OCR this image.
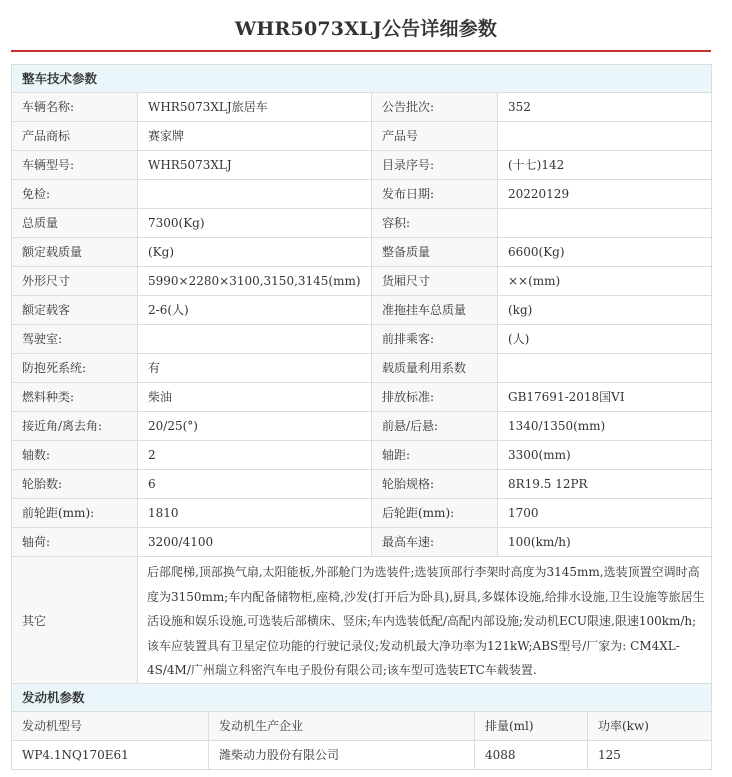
WHR5073XLJ公告详细参数
整车技术参数			
车辆名称:	WHR5073XLJ旅居车	公告批次:	352
产品商标	赛家牌	产品号	
车辆型号:	WHR5073XLJ	目录序号:	(十七)142
免检:		发布日期:	20220129
总质量	7300(Kg)	容积:	
额定载质量	(Kg)	整备质量	6600(Kg)
外形尺寸	5990×2280×3100,3150,3145(mm)	货厢尺寸	××(mm)
额定载客	2-6(人)	准拖挂车总质量	(kg)
驾驶室:		前排乘客:	(人)
防抱死系统:	有	载质量利用系数	
燃料种类:	柴油	排放标准:	GB17691-2018国VI
接近角/离去角:	20/25(°)	前悬/后悬:	1340/1350(mm)
轴数:	2	轴距:	3300(mm)
轮胎数:	6	轮胎规格:	8R19.5 12PR
前轮距(mm):	1810	后轮距(mm):	1700
轴荷:	3200/4100	最高车速:	100(km/h)
其它	后部爬梯,顶部换气扇,太阳能板,外部舱门为选装件;选装顶部行李架时高度为3145mm,选装顶置空调时高度为3150mm;车内配备储物柜,座椅,沙发(打开后为卧具),厨具,多媒体设施,给排水设施,卫生设施等旅居生活设施和娱乐设施,可选装后部横床、竖床;车内选装低配/高配内部设施;发动机ECU限速,限速100km/h;该车应装置具有卫星定位功能的行驶记录仪;发动机最大净功率为121kW;ABS型号/厂家为: CM4XL-4S/4M/广州瑞立科密汽车电子股份有限公司;该车型可选装ETC车载装置.		
发动机参数			
发动机型号	发动机生产企业	排量(ml)	功率(kw)
WP4.1NQ170E61	潍柴动力股份有限公司	4088	125
